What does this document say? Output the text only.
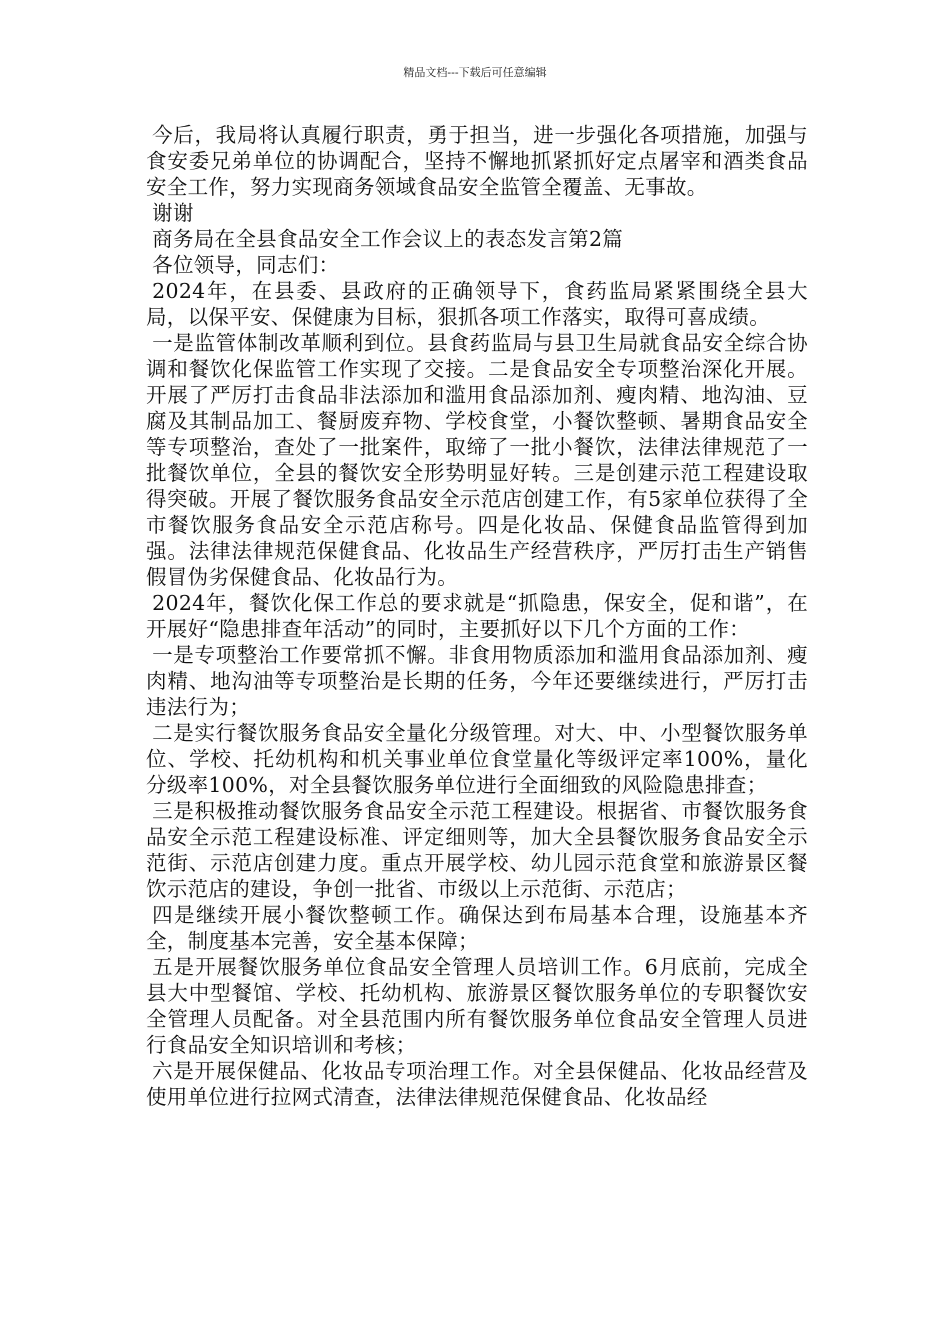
精品文档---下载后可任意编辑

今后，我局将认真履行职责，勇于担当，进一步强化各项措施，加强与食安委兄弟单位的协调配合，坚持不懈地抓紧抓好定点屠宰和酒类食品安全工作，努力实现商务领域食品安全监管全覆盖、无事故。

谢谢

商务局在全县食品安全工作会议上的表态发言第2篇

各位领导，同志们：

2024年，在县委、县政府的正确领导下，食药监局紧紧围绕全县大局，以保平安、保健康为目标，狠抓各项工作落实，取得可喜成绩。

一是监管体制改革顺利到位。县食药监局与县卫生局就食品安全综合协调和餐饮化保监管工作实现了交接。二是食品安全专项整治深化开展。开展了严厉打击食品非法添加和滥用食品添加剂、瘦肉精、地沟油、豆腐及其制品加工、餐厨废弃物、学校食堂，小餐饮整顿、暑期食品安全等专项整治，查处了一批案件，取缔了一批小餐饮，法律法律规范了一批餐饮单位，全县的餐饮安全形势明显好转。三是创建示范工程建设取得突破。开展了餐饮服务食品安全示范店创建工作，有5家单位获得了全市餐饮服务食品安全示范店称号。四是化妆品、保健食品监管得到加强。法律法律规范保健食品、化妆品生产经营秩序，严厉打击生产销售假冒伪劣保健食品、化妆品行为。

2024年，餐饮化保工作总的要求就是“抓隐患，保安全，促和谐”，在开展好“隐患排查年活动”的同时，主要抓好以下几个方面的工作：

一是专项整治工作要常抓不懈。非食用物质添加和滥用食品添加剂、瘦肉精、地沟油等专项整治是长期的任务，今年还要继续进行，严厉打击违法行为；

二是实行餐饮服务食品安全量化分级管理。对大、中、小型餐饮服务单位、学校、托幼机构和机关事业单位食堂量化等级评定率100%，量化分级率100%，对全县餐饮服务单位进行全面细致的风险隐患排查；

三是积极推动餐饮服务食品安全示范工程建设。根据省、市餐饮服务食品安全示范工程建设标准、评定细则等，加大全县餐饮服务食品安全示范街、示范店创建力度。重点开展学校、幼儿园示范食堂和旅游景区餐饮示范店的建设，争创一批省、市级以上示范街、示范店；

四是继续开展小餐饮整顿工作。确保达到布局基本合理，设施基本齐全，制度基本完善，安全基本保障；

五是开展餐饮服务单位食品安全管理人员培训工作。6月底前，完成全县大中型餐馆、学校、托幼机构、旅游景区餐饮服务单位的专职餐饮安全管理人员配备。对全县范围内所有餐饮服务单位食品安全管理人员进行食品安全知识培训和考核；

六是开展保健品、化妆品专项治理工作。对全县保健品、化妆品经营及使用单位进行拉网式清查，法律法律规范保健食品、化妆品经
